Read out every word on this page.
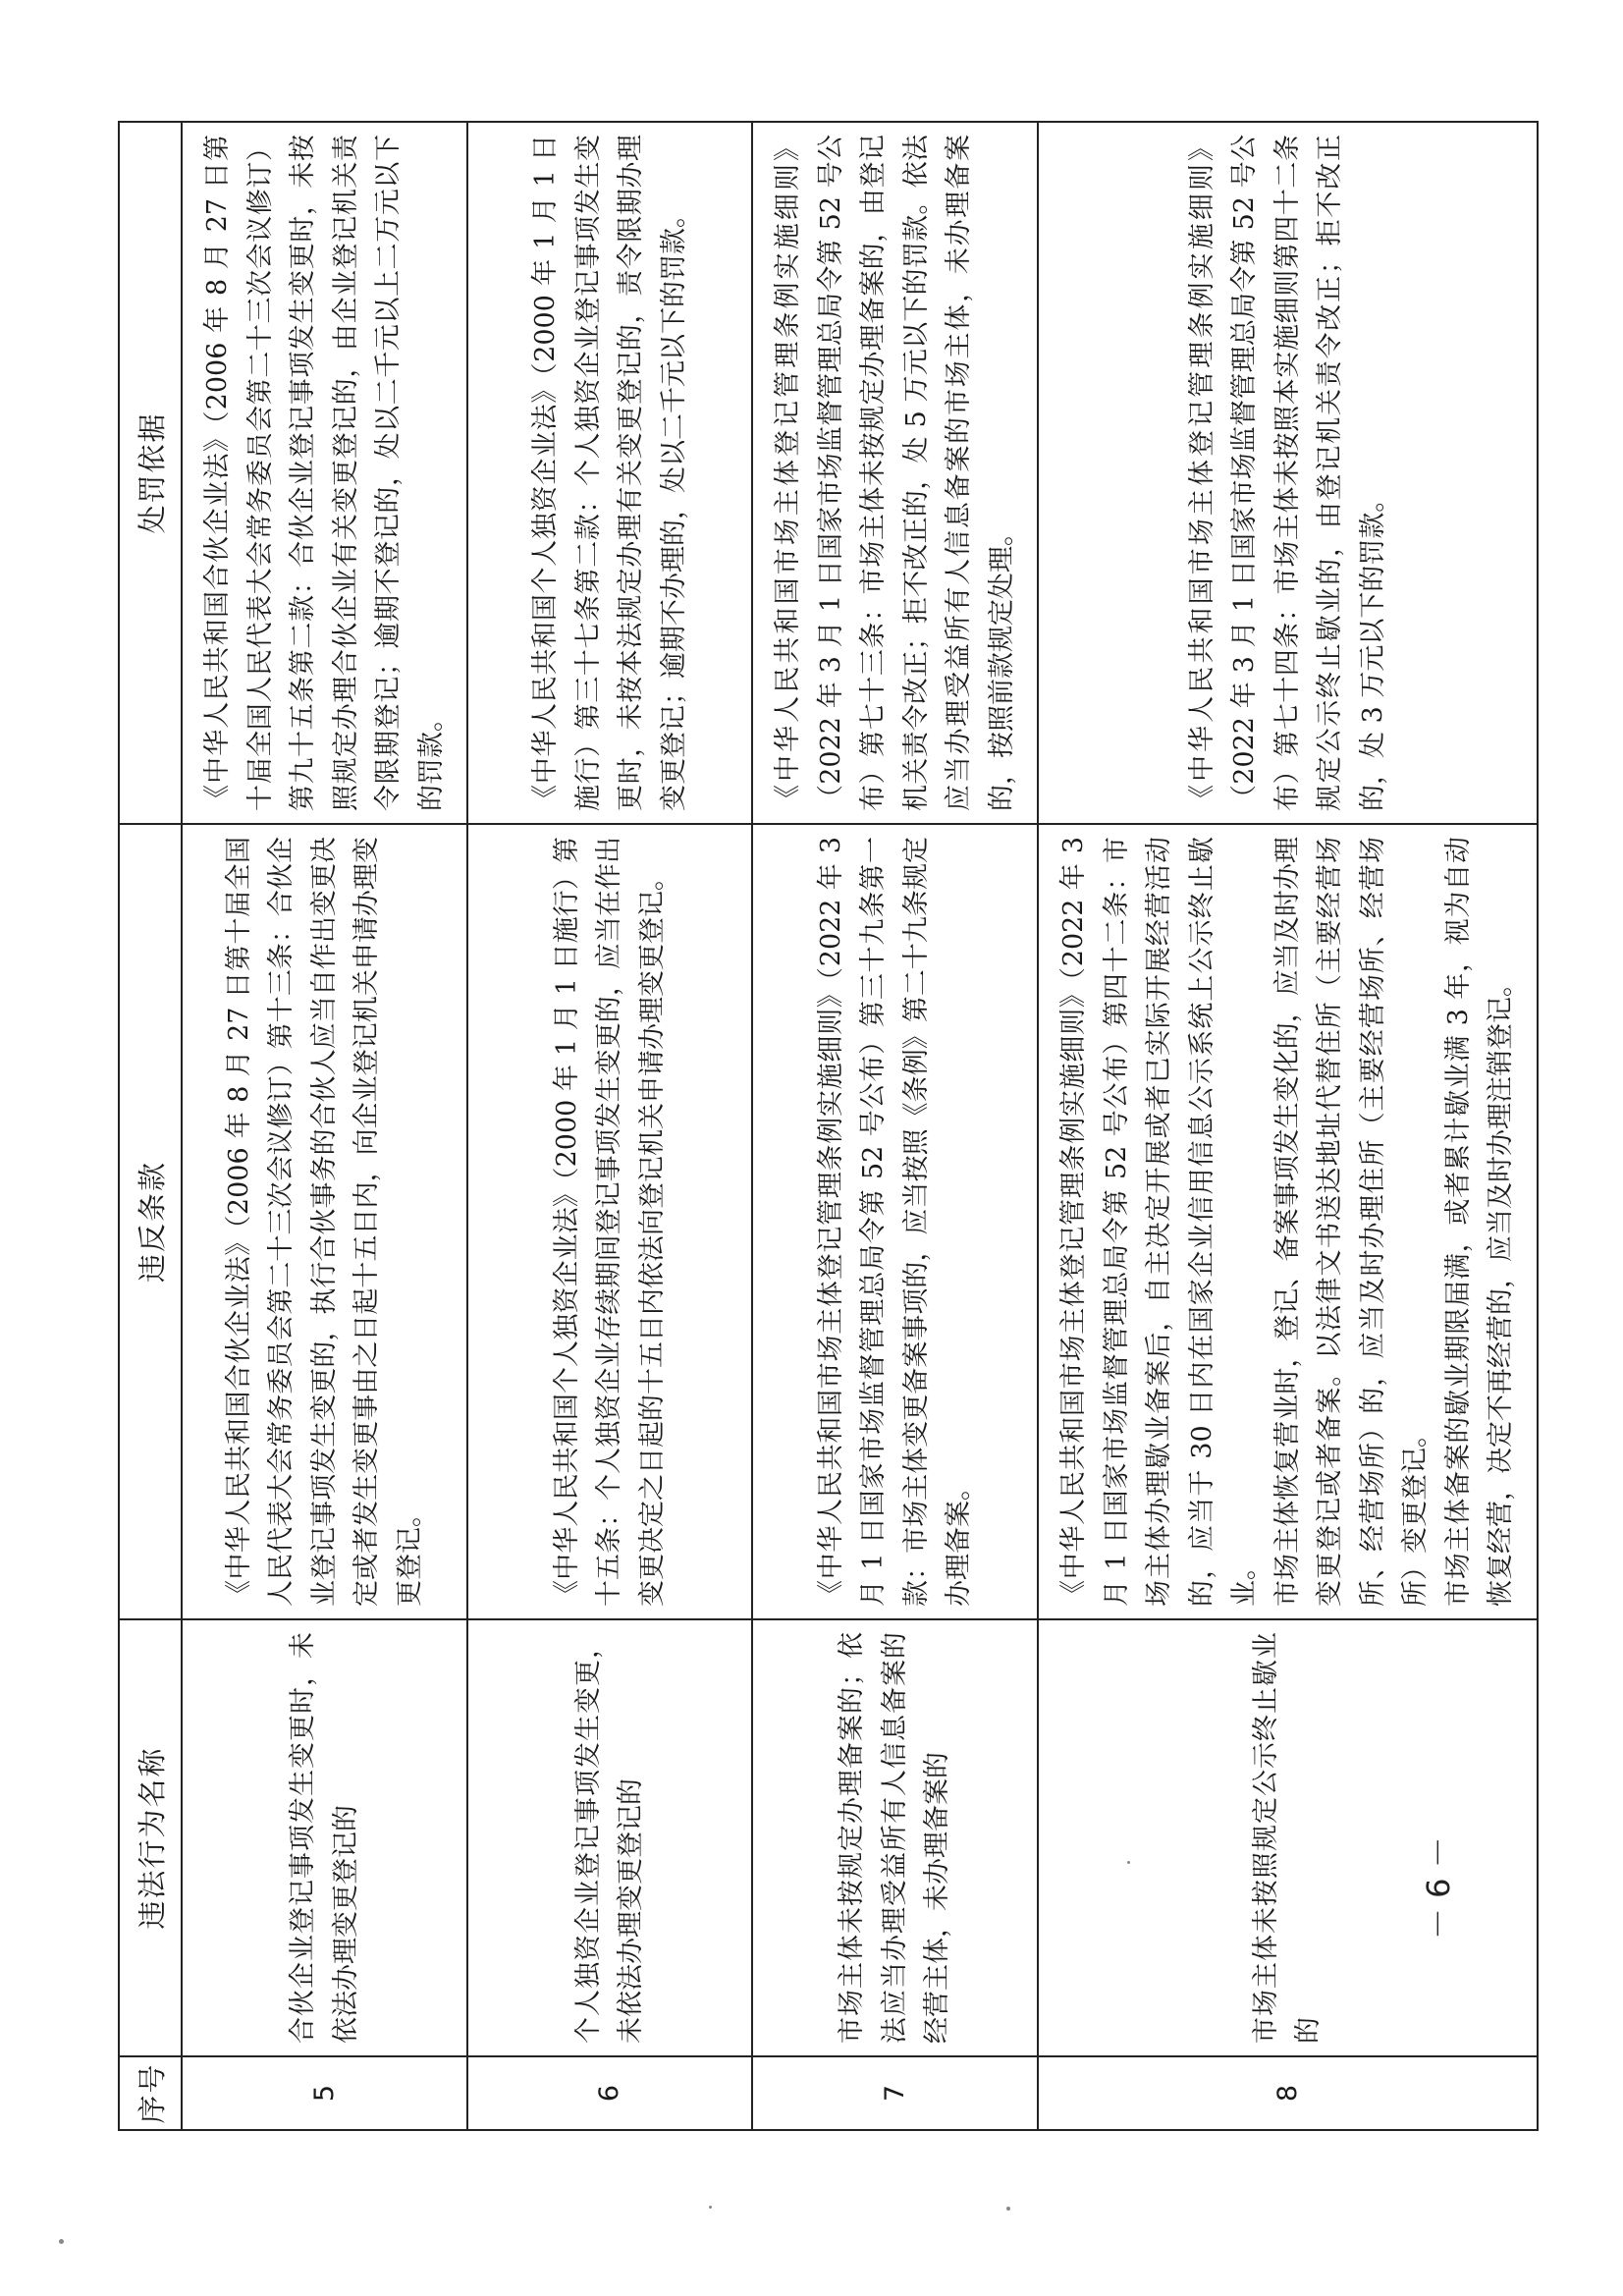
序号	违法行为名称	违反条款	处罚依据
5	合伙企业登记事项发生变更时，未依法办理变更登记的	《中华人民共和国合伙企业法》（2006 年 8 月 27 日第十届全国人民代表大会常务委员会第二十三次会议修订）第十三条：合伙企业登记事项发生变更的，执行合伙事务的合伙人应当自作出变更决定或者发生变更事由之日起十五日内，向企业登记机关申请办理变更登记。	《中华人民共和国合伙企业法》（2006 年 8 月 27 日第十届全国人民代表大会常务委员会第二十三次会议修订）第九十五条第二款：合伙企业登记事项发生变更时，未按照规定办理合伙企业有关变更登记的，由企业登记机关责令限期登记；逾期不登记的，处以二千元以上二万元以下的罚款。
6	个人独资企业登记事项发生变更，未依法办理变更登记的	《中华人民共和国个人独资企业法》（2000 年 1 月 1 日施行）第十五条：个人独资企业存续期间登记事项发生变更的，应当在作出变更决定之日起的十五日内依法向登记机关申请办理变更登记。	《中华人民共和国个人独资企业法》（2000 年 1 月 1 日施行）第三十七条第二款：个人独资企业登记事项发生变更时，未按本法规定办理有关变更登记的，责令限期办理变更登记；逾期不办理的，处以二千元以下的罚款。
7	市场主体未按规定办理备案的；依法应当办理受益所有人信息备案的经营主体，未办理备案的	《中华人民共和国市场主体登记管理条例实施细则》（2022 年 3 月 1 日国家市场监督管理总局令第 52 号公布）第三十九条第一款：市场主体变更备案事项的，应当按照《条例》第二十九条规定办理备案。	《中华人民共和国市场主体登记管理条例实施细则》（2022 年 3 月 1 日国家市场监督管理总局令第 52 号公布）第七十三条：市场主体未按规定办理备案的，由登记机关责令改正；拒不改正的，处 5 万元以下的罚款。依法应当办理受益所有人信息备案的市场主体，未办理备案的，按照前款规定处理。
8	市场主体未按照规定公示终止歇业的	《中华人民共和国市场主体登记管理条例实施细则》（2022 年 3 月 1 日国家市场监督管理总局令第 52 号公布）第四十二条：市场主体办理歇业备案后，自主决定开展或者已实际开展经营活动的，应当于 30 日内在国家企业信用信息公示系统上公示终止歇业。 市场主体恢复营业时，登记、备案事项发生变化的，应当及时办理变更登记或者备案。以法律文书送达地址代替住所（主要经营场所、经营场所）的，应当及时办理住所（主要经营场所、经营场所）变更登记。 市场主体备案的歇业期限届满，或者累计歇业满 3 年，视为自动恢复经营，决定不再经营的，应当及时办理注销登记。	《中华人民共和国市场主体登记管理条例实施细则》（2022 年 3 月 1 日国家市场监督管理总局令第 52 号公布）第七十四条：市场主体未按照本实施细则第四十二条规定公示终止歇业的，由登记机关责令改正；拒不改正的，处 3 万元以下的罚款。
－ 6 －
